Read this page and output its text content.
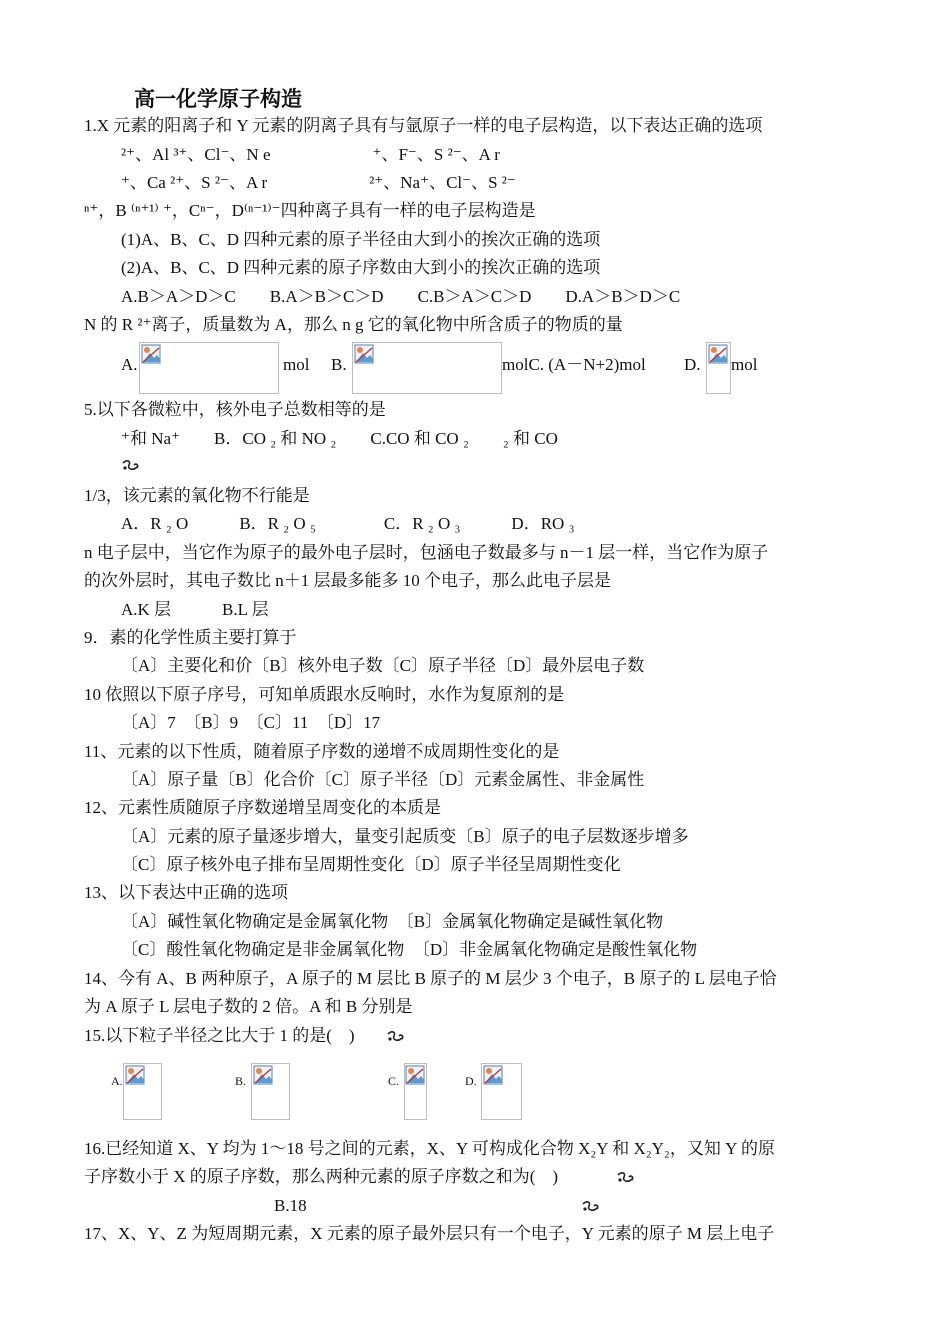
高一化学原子构造
1.X 元素的阳离子和 Y 元素的阴离子具有与氩原子一样的电子层构造，以下表达正确的选项
²⁺、Al ³⁺、Cl⁻、N e　　　　　　⁺、F⁻、S ²⁻、A r
⁺、Ca ²⁺、S ²⁻、A r　　　　　　²⁺、Na⁺、Cl⁻、S ²⁻
ⁿ⁺，B ⁽ⁿ⁺¹⁾ ⁺，Cⁿ⁻，D⁽ⁿ⁻¹⁾⁻四种离子具有一样的电子层构造是
(1)A、B、C、D 四种元素的原子半径由大到小的挨次正确的选项
(2)A、B、C、D 四种元素的原子序数由大到小的挨次正确的选项
A.B＞A＞D＞C　　B.A＞B＞C＞D　　C.B＞A＞C＞D　　D.A＞B＞D＞C
N 的 R ²⁺离子，质量数为 A，那么 n g 它的氧化物中所含质子的物质的量
A.	mol B.	molC. (A－N+2)mol D. mol
5.以下各微粒中，核外电子总数相等的是
⁺和 Na⁺　　B．CO ₂ 和 NO ₂　　C.CO 和 CO ₂　　₂ 和 CO
1/3，该元素的氧化物不行能是
A．R ₂ O　　　B．R ₂ O ₅　　　　C．R ₂ O ₃　　　D．RO ₃
n 电子层中，当它作为原子的最外电子层时，包涵电子数最多与 n－1 层一样，当它作为原子
的次外层时，其电子数比 n＋1 层最多能多 10 个电子，那么此电子层是
A.K 层　　　B.L 层
9．素的化学性质主要打算于
〔A〕主要化和价〔B〕核外电子数〔C〕原子半径〔D〕最外层电子数
10 依照以下原子序号，可知单质跟水反响时，水作为复原剂的是
〔A〕7　〔B〕9　〔C〕11　〔D〕17
11、元素的以下性质，随着原子序数的递增不成周期性变化的是
〔A〕原子量〔B〕化合价〔C〕原子半径〔D〕元素金属性、非金属性
12、元素性质随原子序数递增呈周变化的本质是
〔A〕元素的原子量逐步增大，量变引起质变〔B〕原子的电子层数逐步增多
〔C〕原子核外电子排布呈周期性变化〔D〕原子半径呈周期性变化
13、以下表达中正确的选项
〔A〕碱性氧化物确定是金属氧化物　〔B〕金属氧化物确定是碱性氧化物
〔C〕酸性氧化物确定是非金属氧化物　〔D〕非金属氧化物确定是酸性氧化物
14、今有 A、B 两种原子，A 原子的 M 层比 B 原子的 M 层少 3 个电子，B 原子的 L 层电子恰
为 A 原子 L 层电子数的 2 倍。A 和 B 分别是
15.以下粒子半径之比大于 1 的是(　)
A.	B.	C.	D.
16.已经知道 X、Y 均为 1～18 号之间的元素，X、Y 可构成化合物 X₂Y 和 X₂Y₂，又知 Y 的原
子序数小于 X 的原子序数，那么两种元素的原子序数之和为(　)
B.18
17、X、Y、Z 为短周期元素，X 元素的原子最外层只有一个电子，Y 元素的原子 M 层上电子
